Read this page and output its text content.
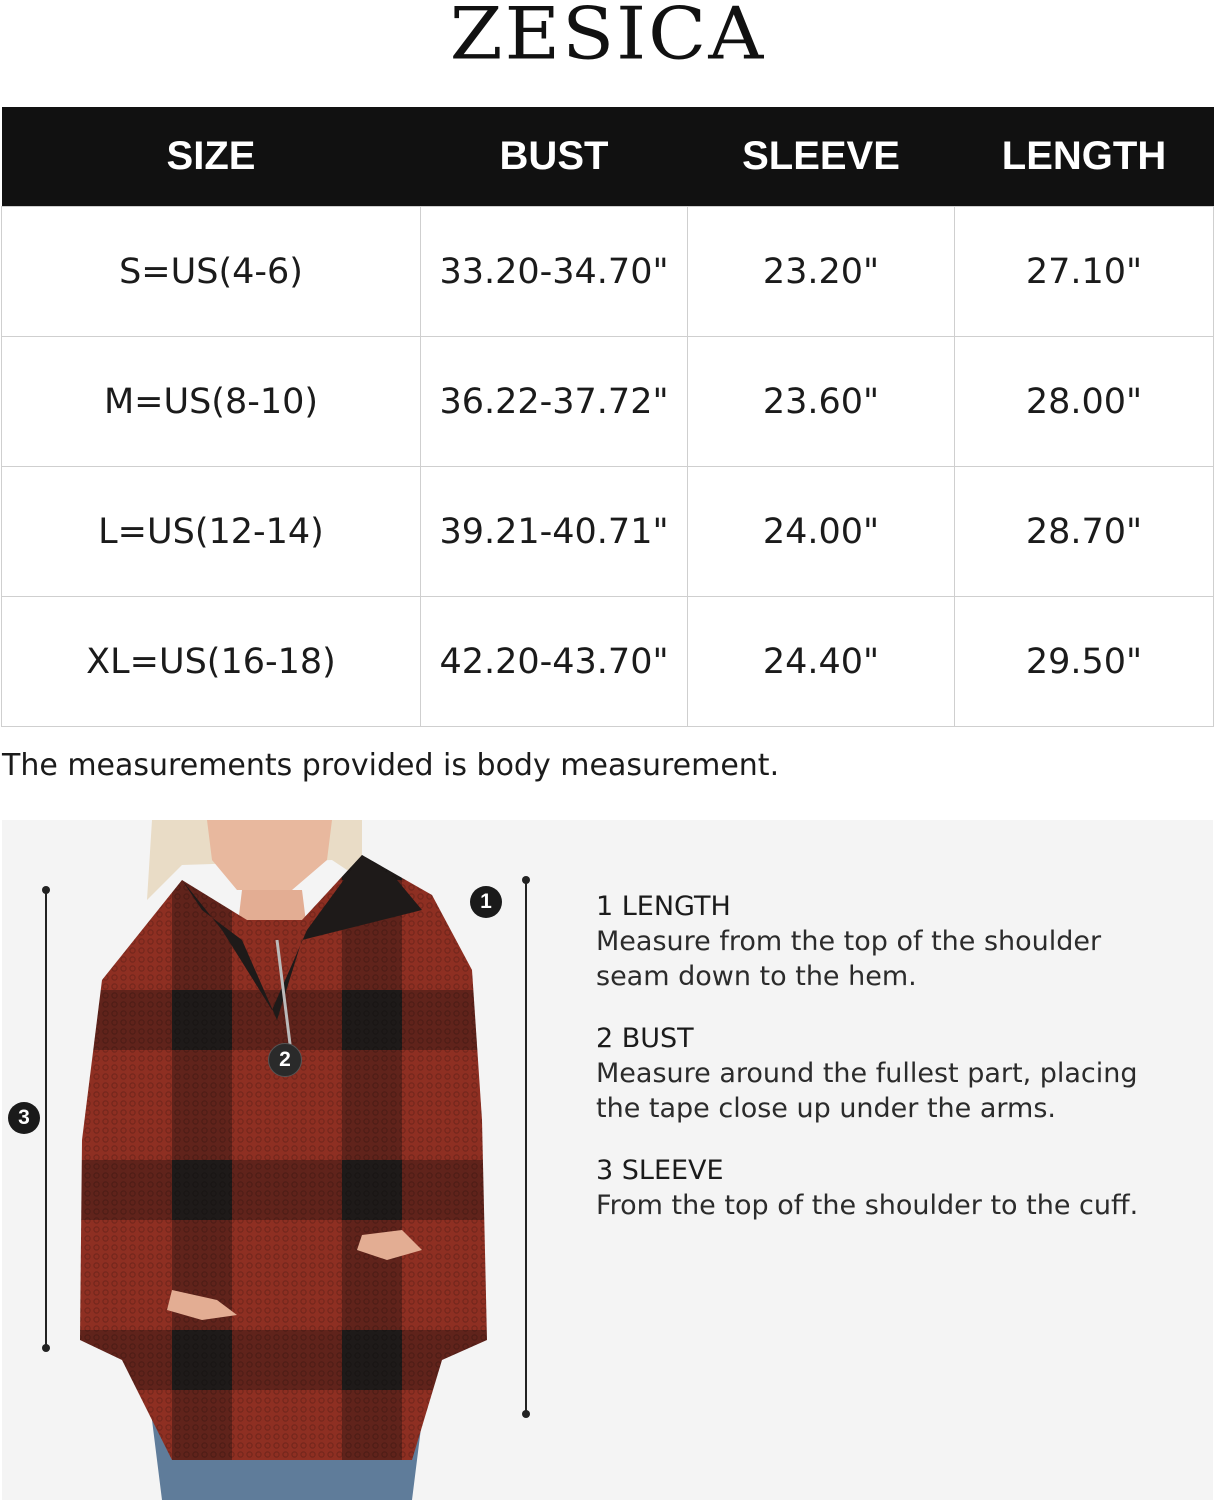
ZESICA
SIZE	BUST	SLEEVE	LENGTH
S=US(4-6)	33.20-34.70"	23.20"	27.10"
M=US(8-10)	36.22-37.72"	23.60"	28.00"
L=US(12-14)	39.21-40.71"	24.00"	28.70"
XL=US(16-18)	42.20-43.70"	24.40"	29.50"
The measurements provided is body measurement.
3
1
2
1 LENGTH
Measure from the top of the shoulder
seam down to the hem.
2 BUST
Measure around the fullest part, placing
the tape close up under the arms.
3 SLEEVE
From the top of the shoulder to the cuff.
